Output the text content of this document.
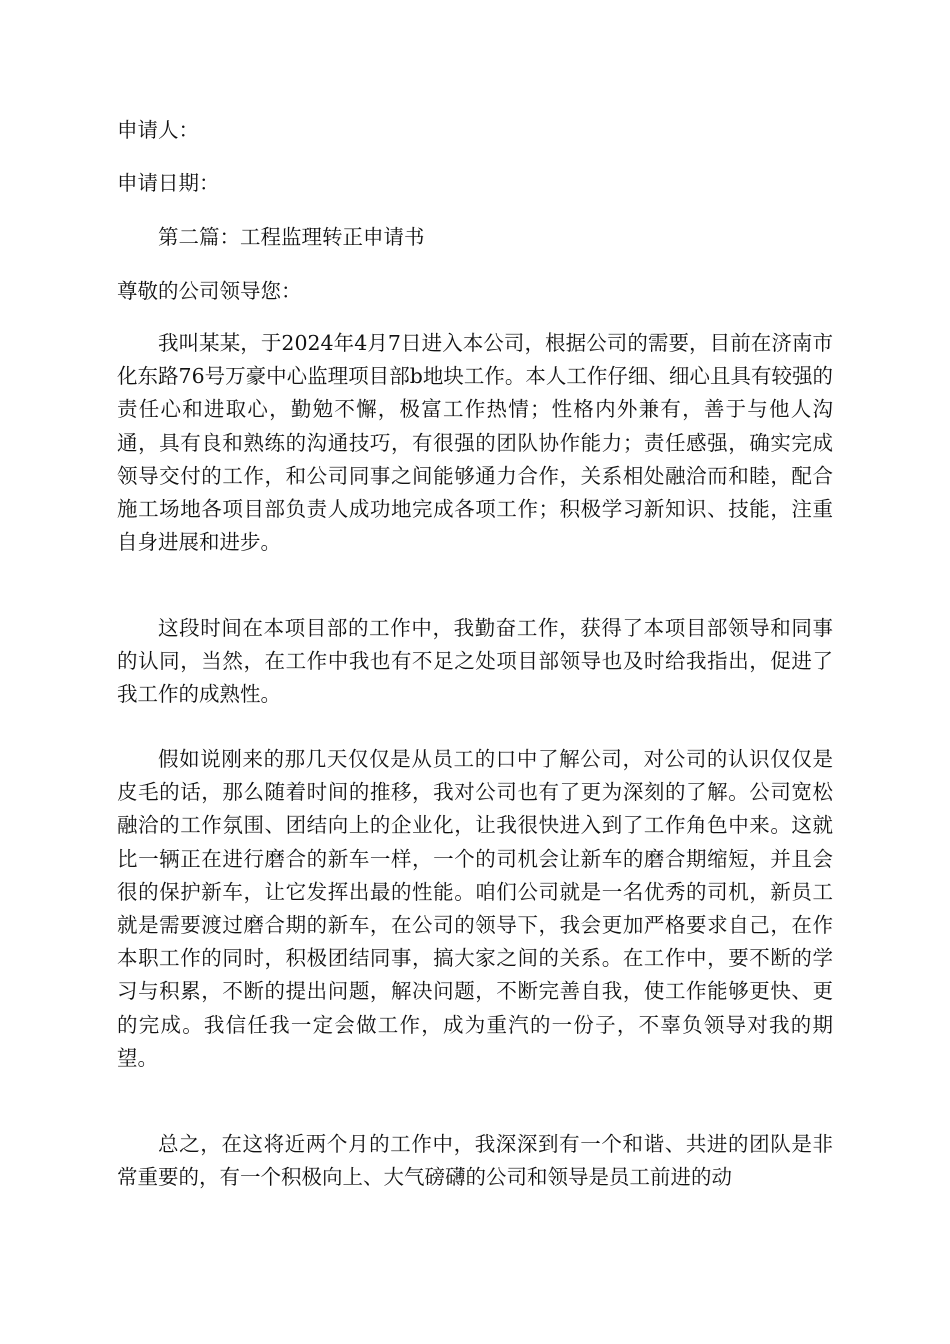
申请人：
申请日期：
第二篇：工程监理转正申请书
尊敬的公司领导您：

我叫某某，于2024年4月7日进入本公司，根据公司的需要，目前在济南市化东路76号万豪中心监理项目部b地块工作。本人工作仔细、细心且具有较强的责任心和进取心，勤勉不懈，极富工作热情；性格内外兼有，善于与他人沟通，具有良和熟练的沟通技巧，有很强的团队协作能力；责任感强，确实完成领导交付的工作，和公司同事之间能够通力合作，关系相处融洽而和睦，配合施工场地各项目部负责人成功地完成各项工作；积极学习新知识、技能，注重自身进展和进步。

这段时间在本项目部的工作中，我勤奋工作，获得了本项目部领导和同事的认同，当然，在工作中我也有不足之处项目部领导也及时给我指出，促进了我工作的成熟性。

假如说刚来的那几天仅仅是从员工的口中了解公司，对公司的认识仅仅是皮毛的话，那么随着时间的推移，我对公司也有了更为深刻的了解。公司宽松融洽的工作氛围、团结向上的企业化，让我很快进入到了工作角色中来。这就比一辆正在进行磨合的新车一样，一个的司机会让新车的磨合期缩短，并且会很的保护新车，让它发挥出最的性能。咱们公司就是一名优秀的司机，新员工就是需要渡过磨合期的新车，在公司的领导下，我会更加严格要求自己，在作本职工作的同时，积极团结同事，搞大家之间的关系。在工作中，要不断的学习与积累，不断的提出问题，解决问题，不断完善自我，使工作能够更快、更的完成。我信任我一定会做工作，成为重汽的一份子，不辜负领导对我的期望。

总之，在这将近两个月的工作中，我深深到有一个和谐、共进的团队是非常重要的，有一个积极向上、大气磅礴的公司和领导是员工前进的动
